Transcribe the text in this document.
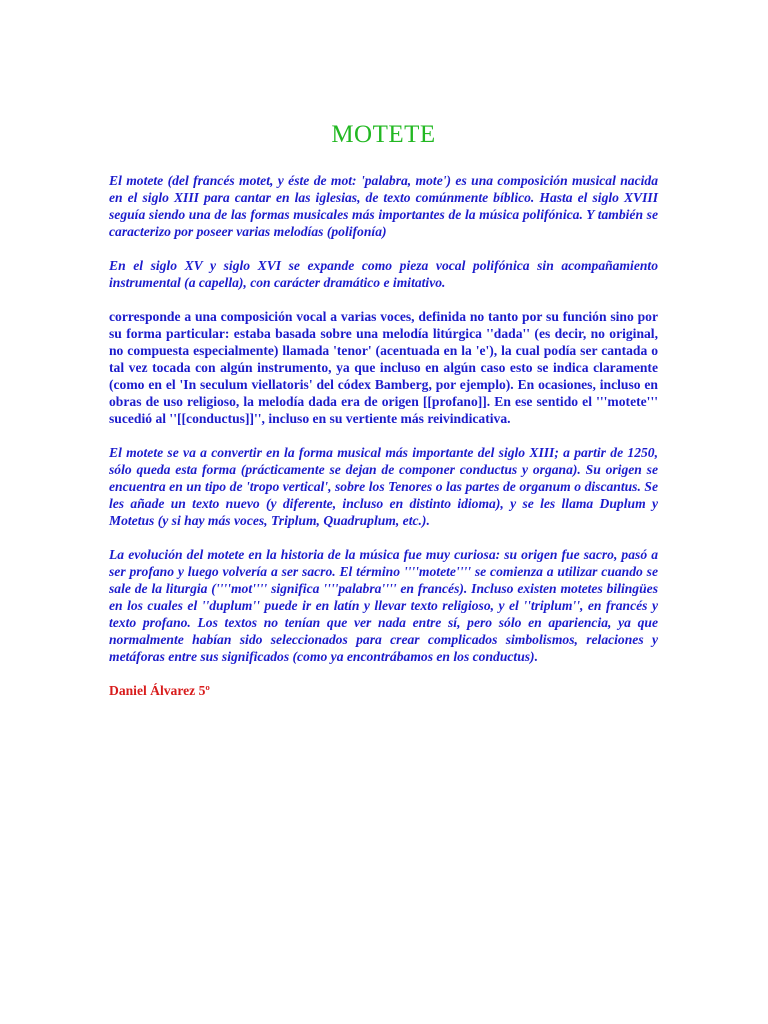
MOTETE

El motete (del francés motet, y éste de mot: 'palabra, mote') es una composición musical nacida en el siglo XIII para cantar en las iglesias, de texto comúnmente bíblico. Hasta el siglo XVIII seguía siendo una de las formas musicales más importantes de la música polifónica. Y también se caracterizo por poseer varias melodías (polifonía)

En el siglo XV y siglo XVI se expande como pieza vocal polifónica sin acompañamiento instrumental (a capella), con carácter dramático e imitativo.

corresponde a una composición vocal a varias voces, definida no tanto por su función sino por su forma particular: estaba basada sobre una melodía litúrgica ''dada'' (es decir, no original, no compuesta especialmente) llamada 'tenor' (acentuada en la 'e'), la cual podía ser cantada o tal vez tocada con algún instrumento, ya que incluso en algún caso esto se indica claramente (como en el 'In seculum viellatoris' del códex Bamberg, por ejemplo). En ocasiones, incluso en obras de uso religioso, la melodía dada era de origen [[profano]]. En ese sentido el '''motete''' sucedió al ''[[conductus]]'', incluso en su vertiente más reivindicativa.

El motete se va a convertir en la forma musical más importante del siglo XIII; a partir de 1250, sólo queda esta forma (prácticamente se dejan de componer conductus y organa). Su origen se encuentra en un tipo de 'tropo vertical', sobre los Tenores o las partes de organum o discantus. Se les añade un texto nuevo (y diferente, incluso en distinto idioma), y se les llama Duplum y Motetus (y si hay más voces, Triplum, Quadruplum, etc.).

La evolución del motete en la historia de la música fue muy curiosa: su origen fue sacro, pasó a ser profano y luego volvería a ser sacro. El término ''''motete'''' se comienza a utilizar cuando se sale de la liturgia (''''mot'''' significa ''''palabra'''' en francés). Incluso existen motetes bilingües en los cuales el ''duplum'' puede ir en latín y llevar texto religioso, y el ''triplum'', en francés y texto profano. Los textos no tenían que ver nada entre sí, pero sólo en apariencia, ya que normalmente habían sido seleccionados para crear complicados simbolismos, relaciones y metáforas entre sus significados (como ya encontrábamos en los conductus).

Daniel Álvarez 5º
